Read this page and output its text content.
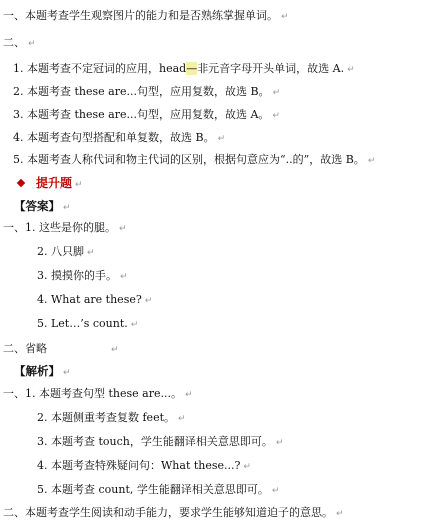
一、本题考查学生观察图片的能力和是否熟练掌握单词。 ↵
二、 ↵
1. 本题考查不定冠词的应用，head—非元音字母开头单词，故选 A. ↵
2. 本题考查 these are...句型，应用复数，故选 B。 ↵
3. 本题考查 these are...句型，应用复数，故选 A。 ↵
4. 本题考查句型搭配和单复数，故选 B。 ↵
5. 本题考查人称代词和物主代词的区别，根据句意应为“..的”，故选 B。 ↵
提升题 ↵
【答案】 ↵
一、1. 这些是你的腿。 ↵
2. 八只脚 ↵
3. 摸摸你的手。 ↵
4. What are these? ↵
5. Let…’s count. ↵
二、省略	↵
【解析】 ↵
一、1. 本题考查句型 these are...。 ↵
2. 本题侧重考查复数 feet。 ↵
3. 本题考查 touch，学生能翻译相关意思即可。 ↵
4. 本题考查特殊疑问句：What these...? ↵
5. 本题考查 count, 学生能翻译相关意思即可。 ↵
二、本题考查学生阅读和动手能力，要求学生能够知道迫子的意思。 ↵
